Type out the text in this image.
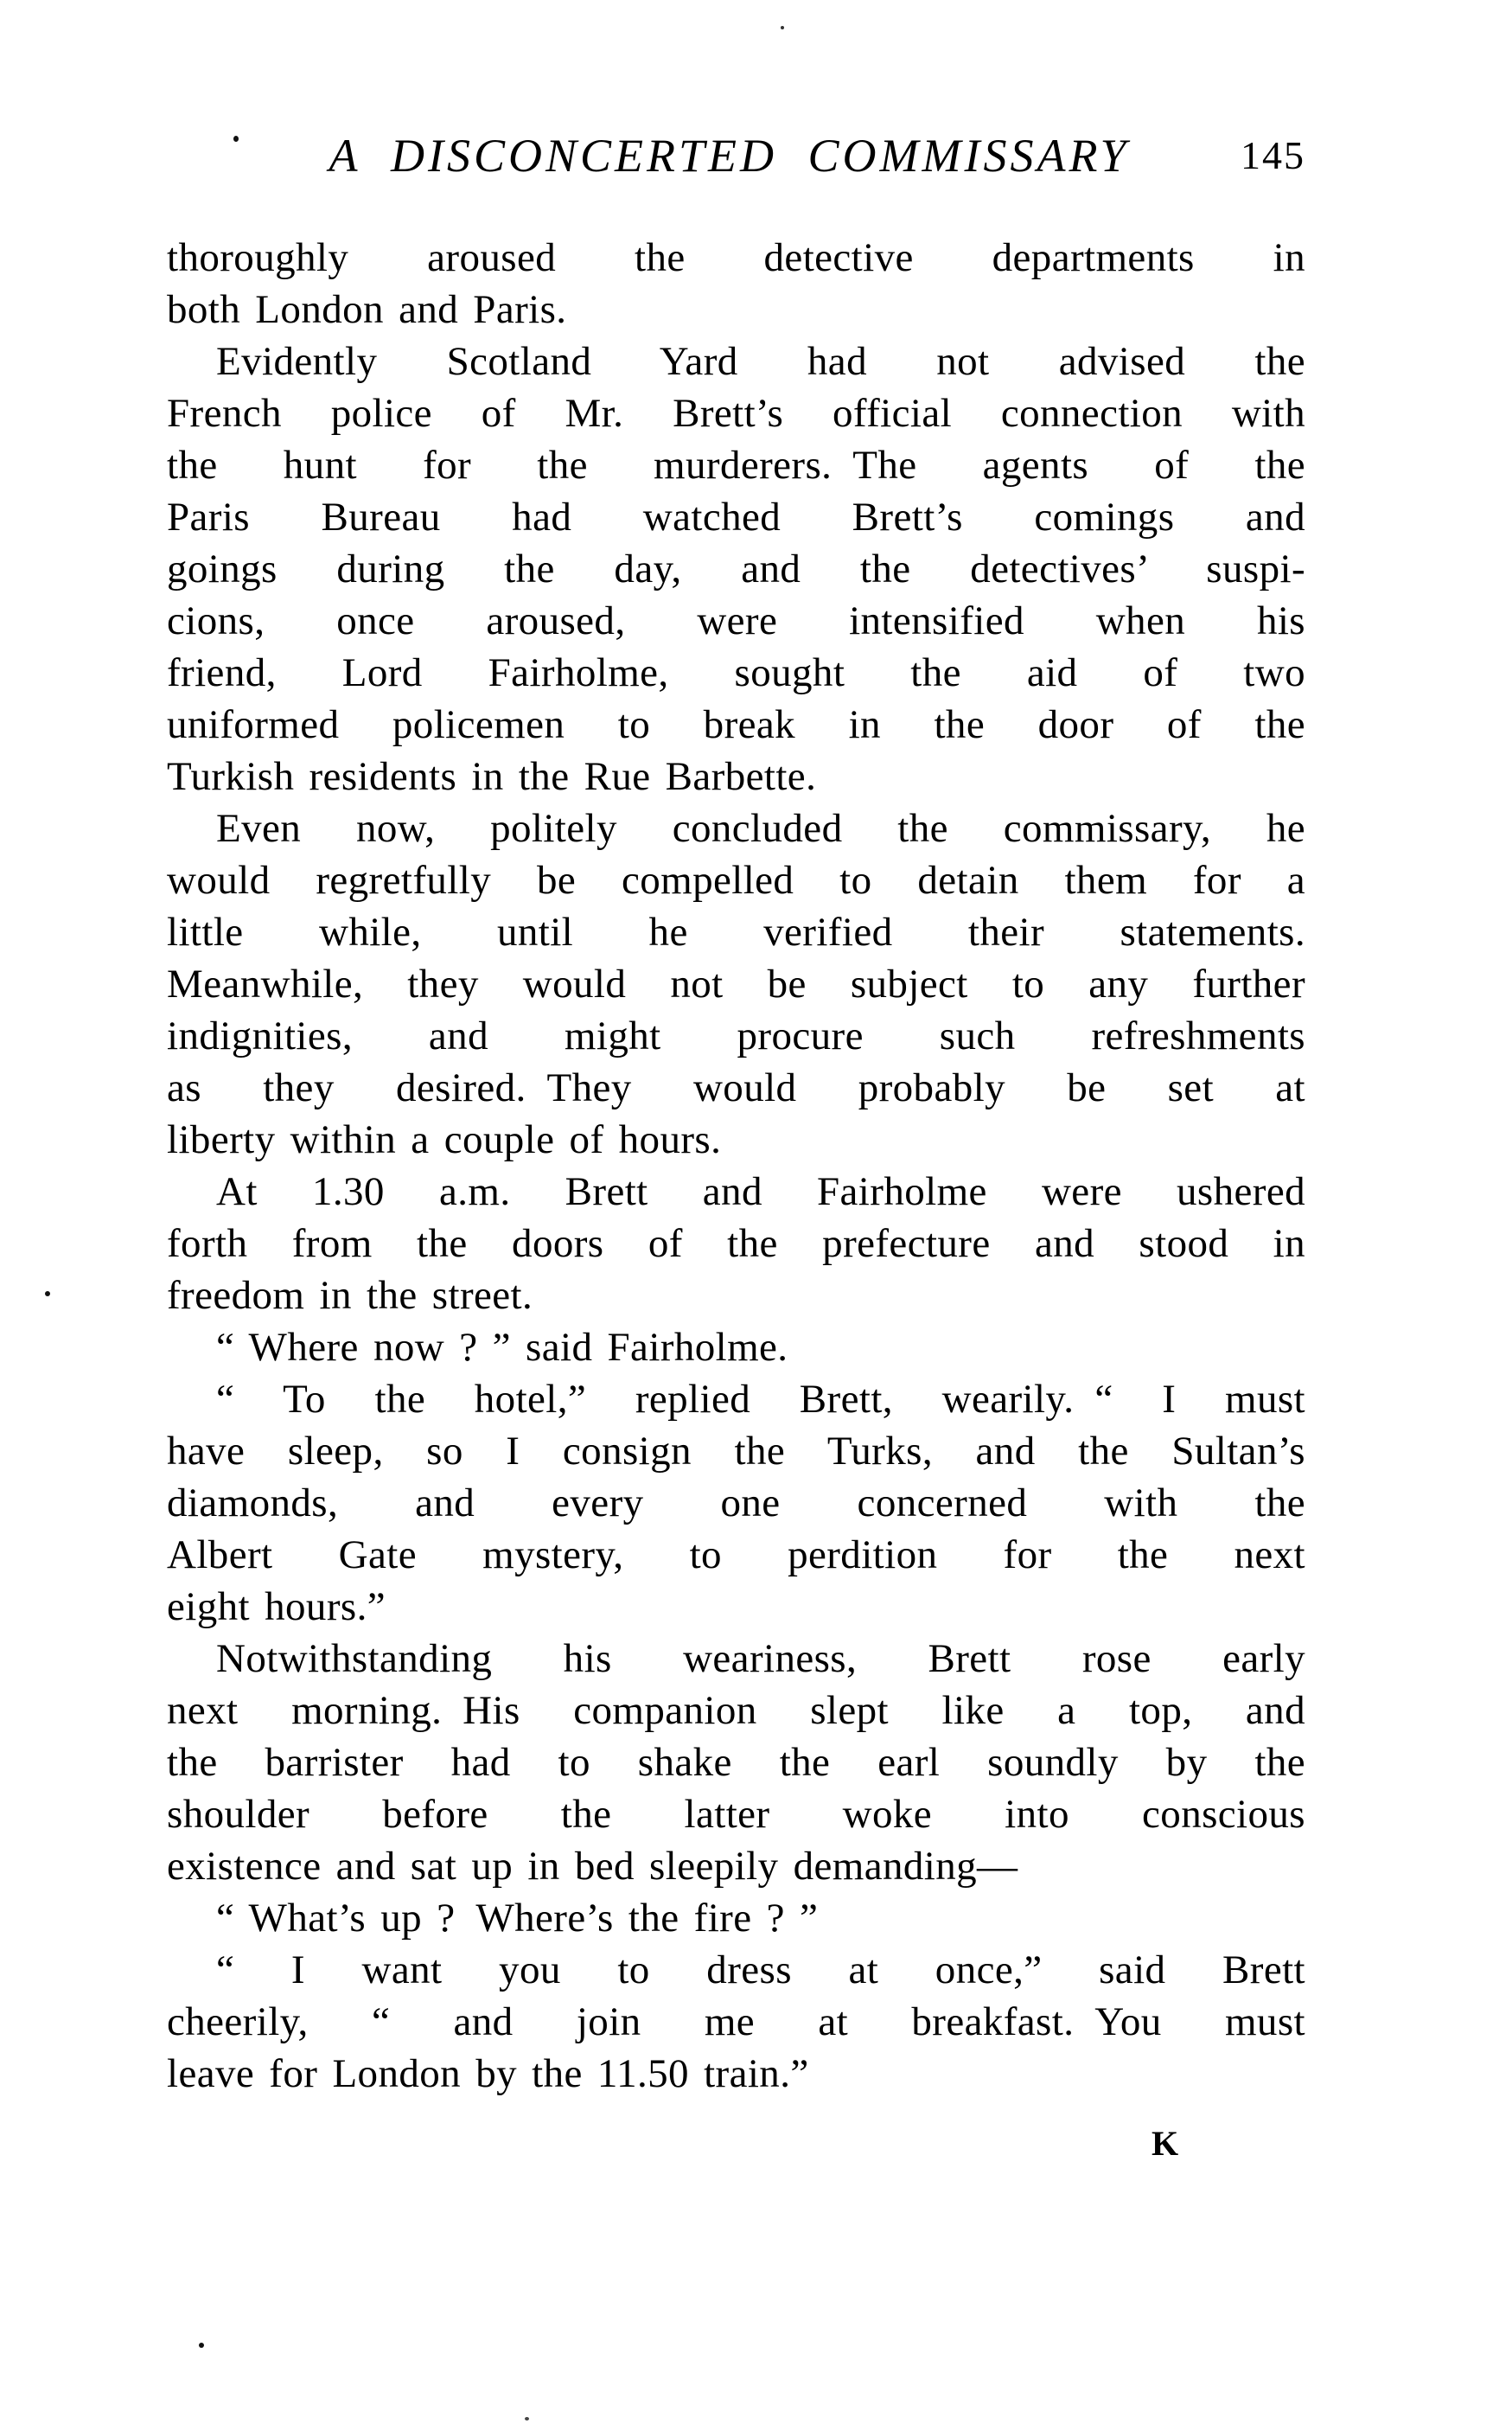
A DISCONCERTED COMMISSARY	145
thoroughly aroused the detective departments in
both London and Paris.
Evidently Scotland Yard had not advised the
French police of Mr. Brett’s official connection with
the hunt for the murderers. The agents of the
Paris Bureau had watched Brett’s comings and
goings during the day, and the detectives’ suspi-
cions, once aroused, were intensified when his
friend, Lord Fairholme, sought the aid of two
uniformed policemen to break in the door of the
Turkish residents in the Rue Barbette.
Even now, politely concluded the commissary, he
would regretfully be compelled to detain them for a
little while, until he verified their statements.
Meanwhile, they would not be subject to any further
indignities, and might procure such refreshments
as they desired. They would probably be set at
liberty within a couple of hours.
At 1.30 a.m. Brett and Fairholme were ushered
forth from the doors of the prefecture and stood in
freedom in the street.
“ Where now ? ” said Fairholme.
“ To the hotel,” replied Brett, wearily. “ I must
have sleep, so I consign the Turks, and the Sultan’s
diamonds, and every one concerned with the
Albert Gate mystery, to perdition for the next
eight hours.”
Notwithstanding his weariness, Brett rose early
next morning. His companion slept like a top, and
the barrister had to shake the earl soundly by the
shoulder before the latter woke into conscious
existence and sat up in bed sleepily demanding—
“ What’s up ? Where’s the fire ? ”
“ I want you to dress at once,” said Brett
cheerily, “ and join me at breakfast. You must
leave for London by the 11.50 train.”
K
